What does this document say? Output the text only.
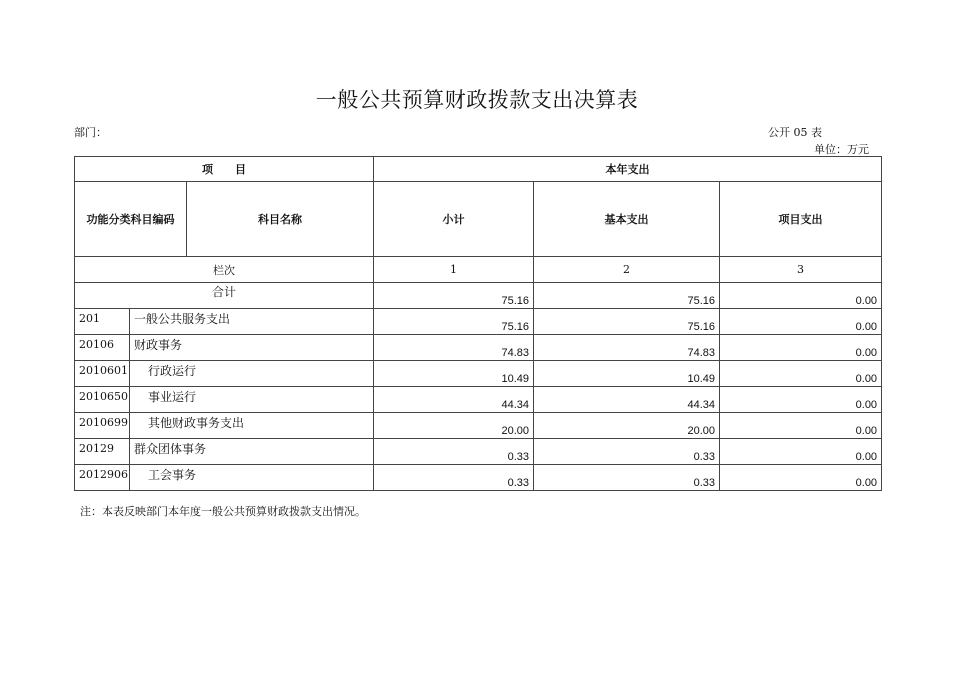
一般公共预算财政拨款支出决算表
部门：	公开 05 表
单位：万元
项　　目			本年支出		
功能分类科目编码		科目名称	小计	基本支出	项目支出
栏次			1	2	3
合计			75.16	75.16	0.00
201	一般公共服务支出		75.16	75.16	0.00
20106	财政事务		74.83	74.83	0.00
2010601	行政运行		10.49	10.49	0.00
2010650	事业运行		44.34	44.34	0.00
2010699	其他财政事务支出		20.00	20.00	0.00
20129	群众团体事务		0.33	0.33	0.00
2012906	工会事务		0.33	0.33	0.00
注：本表反映部门本年度一般公共预算财政拨款支出情况。
